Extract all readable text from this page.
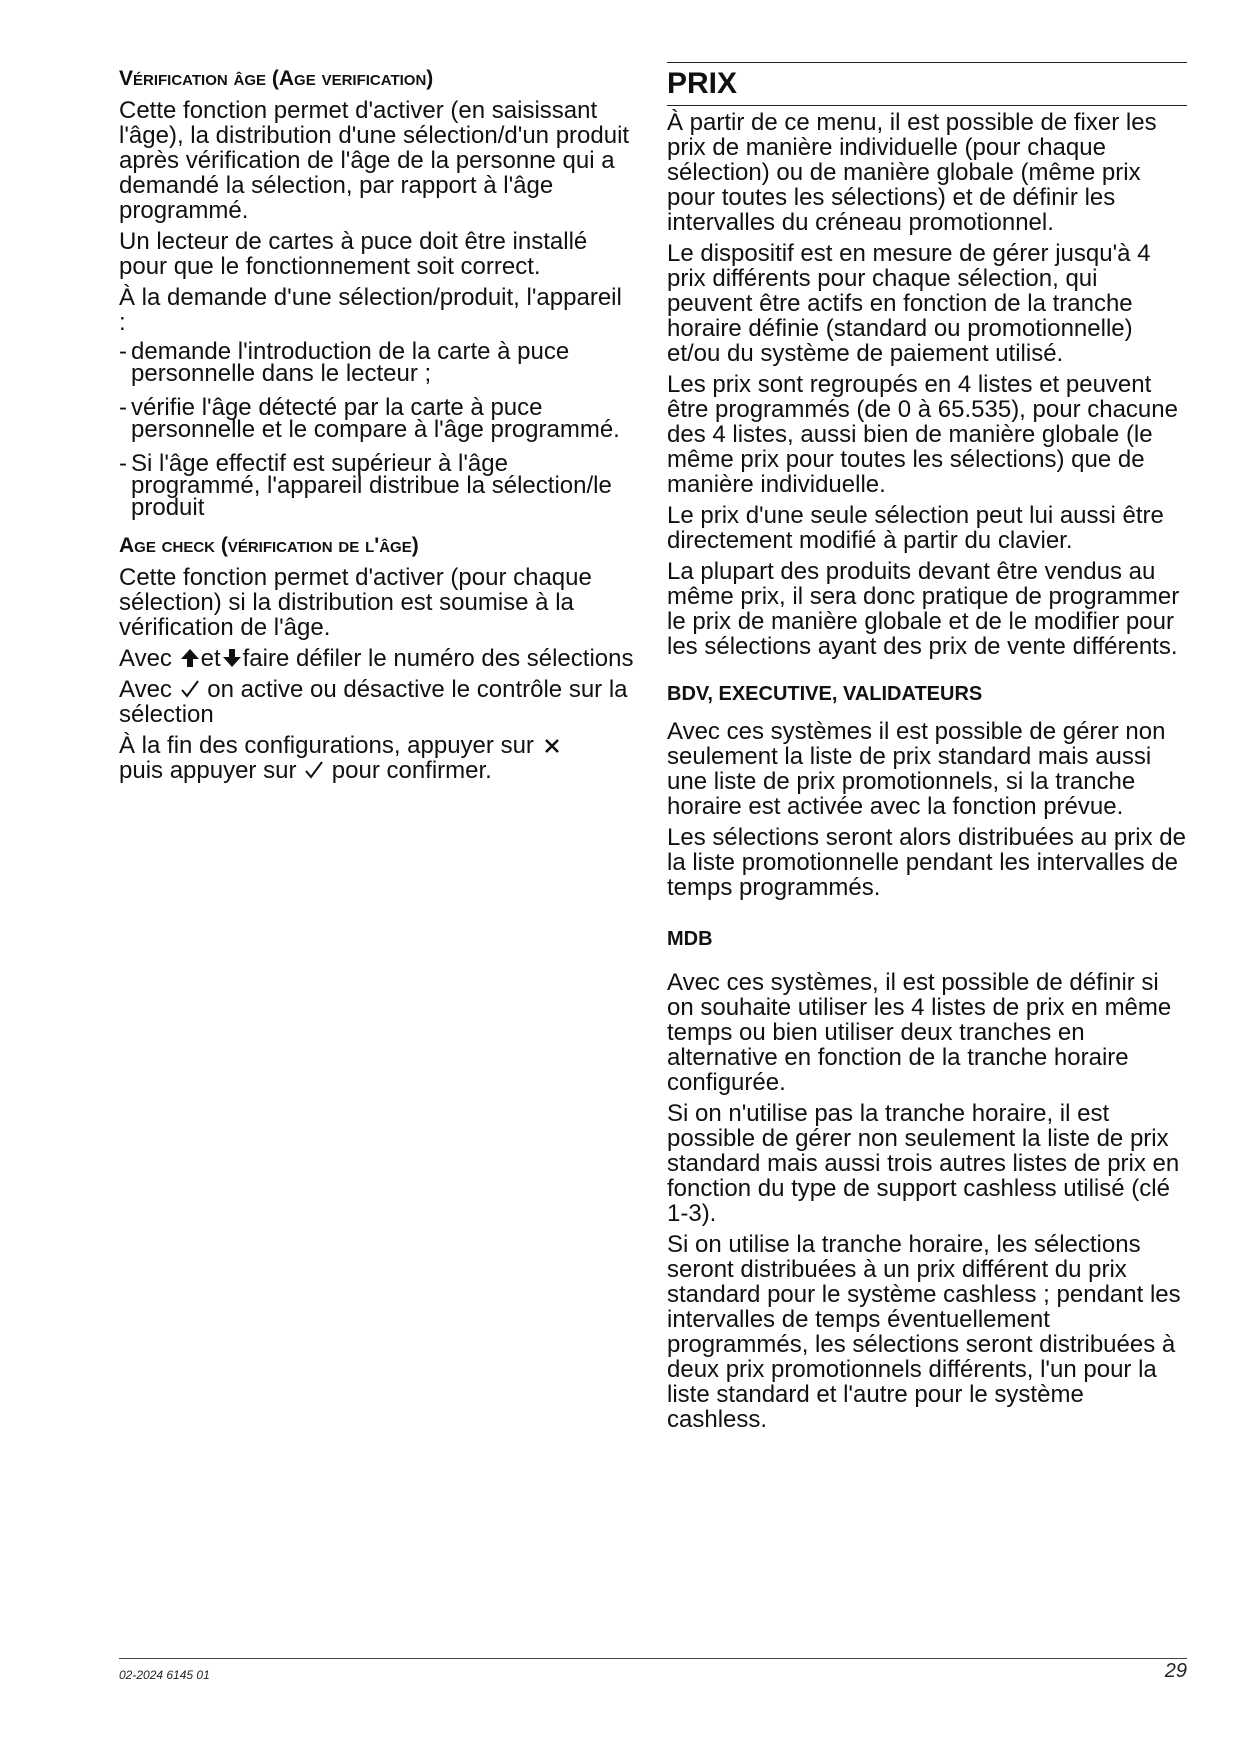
Vérification âge (Age verification)

Cette fonction permet d'activer (en saisissant l'âge), la distribution d'une sélection/d'un produit après vérification de l'âge de la personne qui a demandé la sélection, par rapport à l'âge programmé.

Un lecteur de cartes à puce doit être installé pour que le fonctionnement soit correct.

À la demande d'une sélection/produit, l'appareil :

- demande l'introduction de la carte à puce personnelle dans le lecteur ;
- vérifie l'âge détecté par la carte à puce personnelle et le compare à l'âge programmé.
- Si l'âge effectif est supérieur à l'âge programmé, l'appareil distribue la sélection/le produit
Age check (vérification de l'âge)

Cette fonction permet d'activer (pour chaque sélection) si la distribution est soumise à la vérification de l'âge.

Avec et faire défiler le numéro des sélections

Avec on active ou désactive le contrôle sur la sélection

À la fin des configurations, appuyer sur
puis appuyer sur pour confirmer.

PRIX

À partir de ce menu, il est possible de fixer les prix de manière individuelle (pour chaque sélection) ou de manière globale (même prix pour toutes les sélections) et de définir les intervalles du créneau promotionnel.

Le dispositif est en mesure de gérer jusqu'à 4 prix différents pour chaque sélection, qui peuvent être actifs en fonction de la tranche horaire définie (standard ou promotionnelle) et/ou du système de paiement utilisé.

Les prix sont regroupés en 4 listes et peuvent être programmés (de 0 à 65.535), pour chacune des 4 listes, aussi bien de manière globale (le même prix pour toutes les sélections) que de manière individuelle.

Le prix d'une seule sélection peut lui aussi être directement modifié à partir du clavier.

La plupart des produits devant être vendus au même prix, il sera donc pratique de programmer le prix de manière globale et de le modifier pour les sélections ayant des prix de vente différents.

BDV, EXECUTIVE, VALIDATEURS

Avec ces systèmes il est possible de gérer non seulement la liste de prix standard mais aussi une liste de prix promotionnels, si la tranche horaire est activée avec la fonction prévue.

Les sélections seront alors distribuées au prix de la liste promotionnelle pendant les intervalles de temps programmés.

MDB

Avec ces systèmes, il est possible de définir si on souhaite utiliser les 4 listes de prix en même temps ou bien utiliser deux tranches en alternative en fonction de la tranche horaire configurée.

Si on n'utilise pas la tranche horaire, il est possible de gérer non seulement la liste de prix standard mais aussi trois autres listes de prix en fonction du type de support cashless utilisé (clé 1-3).

Si on utilise la tranche horaire, les sélections seront distribuées à un prix différent du prix standard pour le système cashless ; pendant les intervalles de temps éventuellement programmés, les sélections seront distribuées à deux prix promotionnels différents, l'un pour la liste standard et l'autre pour le système cashless.

02-2024 6145 01	29
